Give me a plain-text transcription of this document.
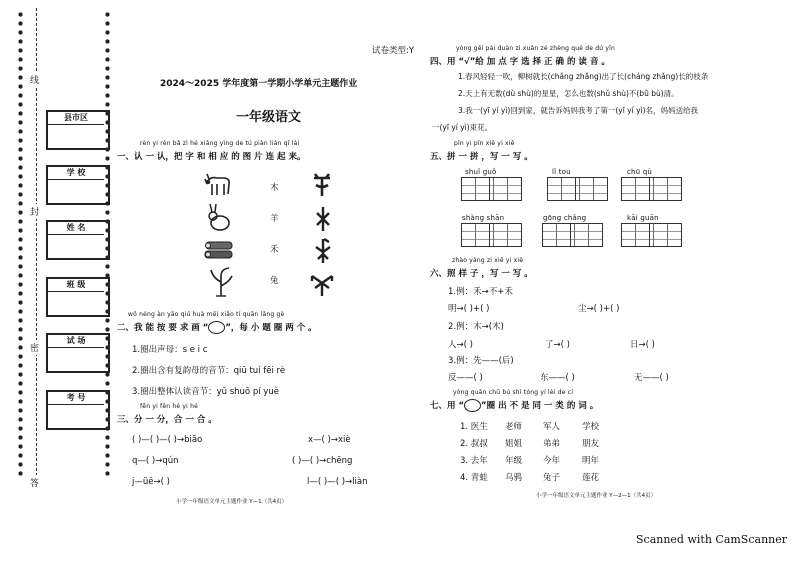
线
封
密
答
县市区
学 校
姓 名
班 级
试 场
考 号
2024～2025 学年度第一学期小学单元主题作业
一年级语文
rèn yi rèn bǎ zì hé xiāng yìng de tú piàn lián qǐ lái
一、认 一 认，把 字 和 相 应 的 图 片 连 起 来。
木
羊
禾
兔
wǒ néng àn yāo qiú huà měi xiǎo tí quān lǎng gè
二、我 能 按 要 求 画 “ ”，每 小 题 圈 两 个 。
1.圈出声母：s e i c
2.圈出含有复韵母的音节：qiū tuí fēi rè
3.圈出整体认读音节：yū shuō pí yuè
fēn yi fēn hé yi hé
三、分 一 分，合 一 合 。
( )—( )—( )→biāo	x—( )→xiè
q—( )→qún	( )—( )→chēng
j—üē→( )	l—( )—( )→liàn
小学一年级语文单元主题作业 Y—1（共4页）
试卷类型:Y	yòng gěi pái duàn zì xuǎn zé zhèng què de dú yīn
四、用 “√”给 加 点 字 选 择 正 确 的 读 音 。
1.春风轻轻一吹，柳树就长(chǎng zhǎng)出了长(cháng zhǎng)长的枝条
2.天上有无数(dù shù)的星星，怎么也数(shǔ shù)不(bū bù)清。
3.我一(yī yí yì)回到家，就告诉妈妈我考了第一(yī yí yì)名，妈妈送给我
一(yī yí yì)束花。
pīn yi pīn xiě yi xiě
五、拼 一 拼 ，写 一 写 。
shuǐ guǒ	lǐ tou	chū qù
shàng shān	gōng chǎng	kāi guān
zhào yàng zi xiě yi xiě
六、照 样 子 ，写 一 写 。
1.例：禾→不+禾
明→( )+( )	尘→( )+( )
2.例：木→(木)
人→( )	了→( )	日→( )
3.例：先——(后)
反——( )	东——( )	无——( )
yòng quān chū bú shì tóng yí lèi de cí
七、用 “ ”圈 出 不 是 同 一 类 的 词 。
1. 医生 老师 军人	学校
2. 叔叔 姐姐 弟弟	朋友
3. 去年 年级 今年	明年
4. 青蛙 乌鸦 兔子	莲花
小学一年级语文单元主题作业 Y—2—1（共4页）
Scanned with CamScanner
